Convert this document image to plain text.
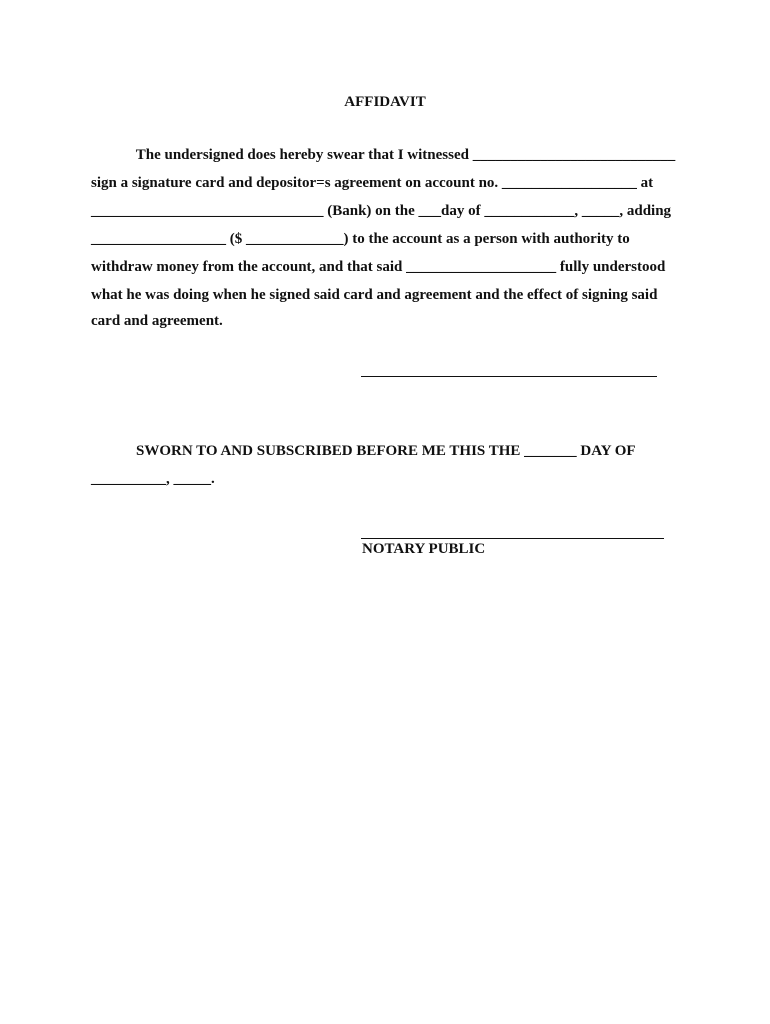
AFFIDAVIT
The undersigned does hereby swear that I witnessed ___________________________
sign a signature card and depositor=s agreement on account no. __________________ at
_______________________________ (Bank) on the ___day of ____________, _____, adding
__________________ ($ _____________) to the account as a person with authority to
withdraw money from the account, and that said ____________________ fully understood
what he was doing when he signed said card and agreement and the effect of signing said
card and agreement.
SWORN TO AND SUBSCRIBED BEFORE ME THIS THE _______ DAY OF
__________, _____.
NOTARY PUBLIC
